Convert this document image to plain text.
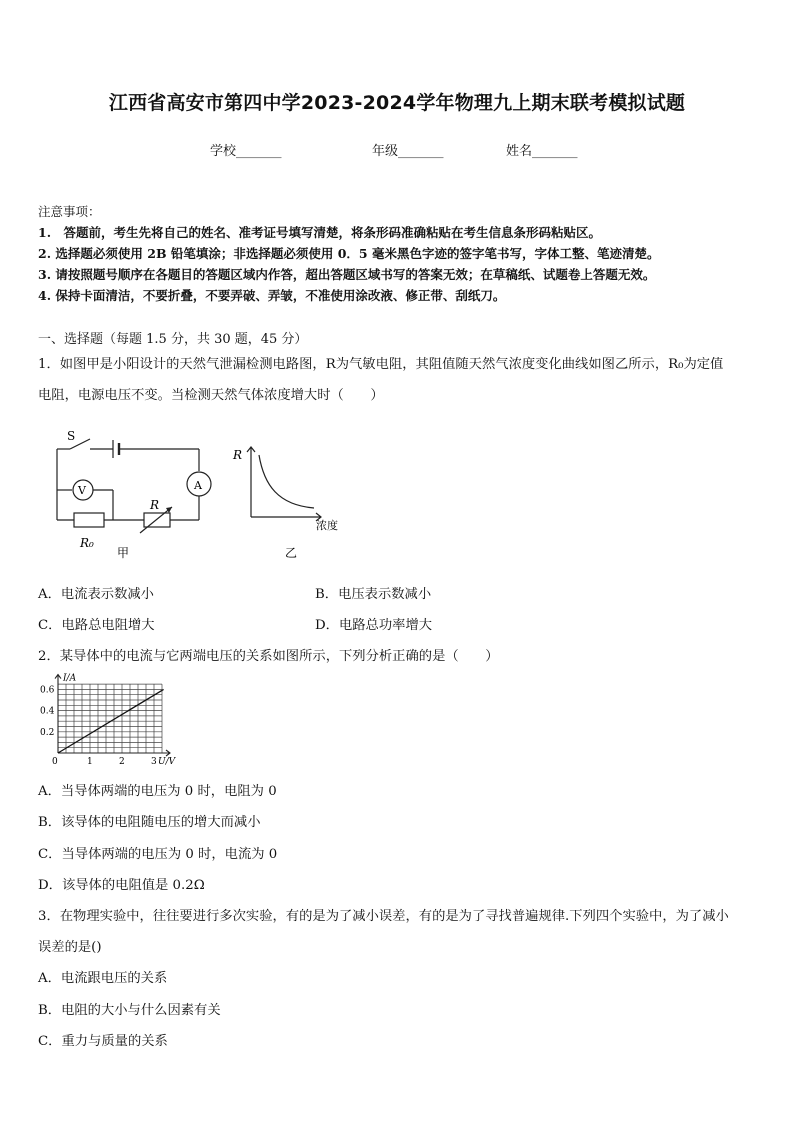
江西省高安市第四中学2023-2024学年物理九上期末联考模拟试题
学校_______	年级_______	姓名_______
注意事项：
1.　答题前，考生先将自己的姓名、准考证号填写清楚，将条形码准确粘贴在考生信息条形码粘贴区。
2. 选择题必须使用 2B 铅笔填涂；非选择题必须使用 0．5 毫米黑色字迹的签字笔书写，字体工整、笔迹清楚。
3. 请按照题号顺序在各题目的答题区域内作答，超出答题区域书写的答案无效；在草稿纸、试题卷上答题无效。
4. 保持卡面清洁，不要折叠，不要弄破、弄皱，不准使用涂改液、修正带、刮纸刀。
一、选择题（每题 1.5 分，共 30 题，45 分）
1．如图甲是小阳设计的天然气泄漏检测电路图，R为气敏电阻，其阻值随天然气浓度变化曲线如图乙所示，R₀为定值
电阻，电源电压不变。当检测天然气体浓度增大时（　　）
S
V	A
R
R₀
甲
R
浓度
乙
A．电流表示数减小	B．电压表示数减小
C．电路总电阻增大	D．电路总功率增大
2．某导体中的电流与它两端电压的关系如图所示，下列分析正确的是（　　）
0	1	2	3
0.2
0.4
0.6
I/A
U/V
A．当导体两端的电压为 0 时，电阻为 0
B．该导体的电阻随电压的增大而减小
C．当导体两端的电压为 0 时，电流为 0
D．该导体的电阻值是 0.2Ω
3．在物理实验中，往往要进行多次实验，有的是为了减小误差，有的是为了寻找普遍规律.下列四个实验中，为了减小
误差的是()
A．电流跟电压的关系
B．电阻的大小与什么因素有关
C．重力与质量的关系
